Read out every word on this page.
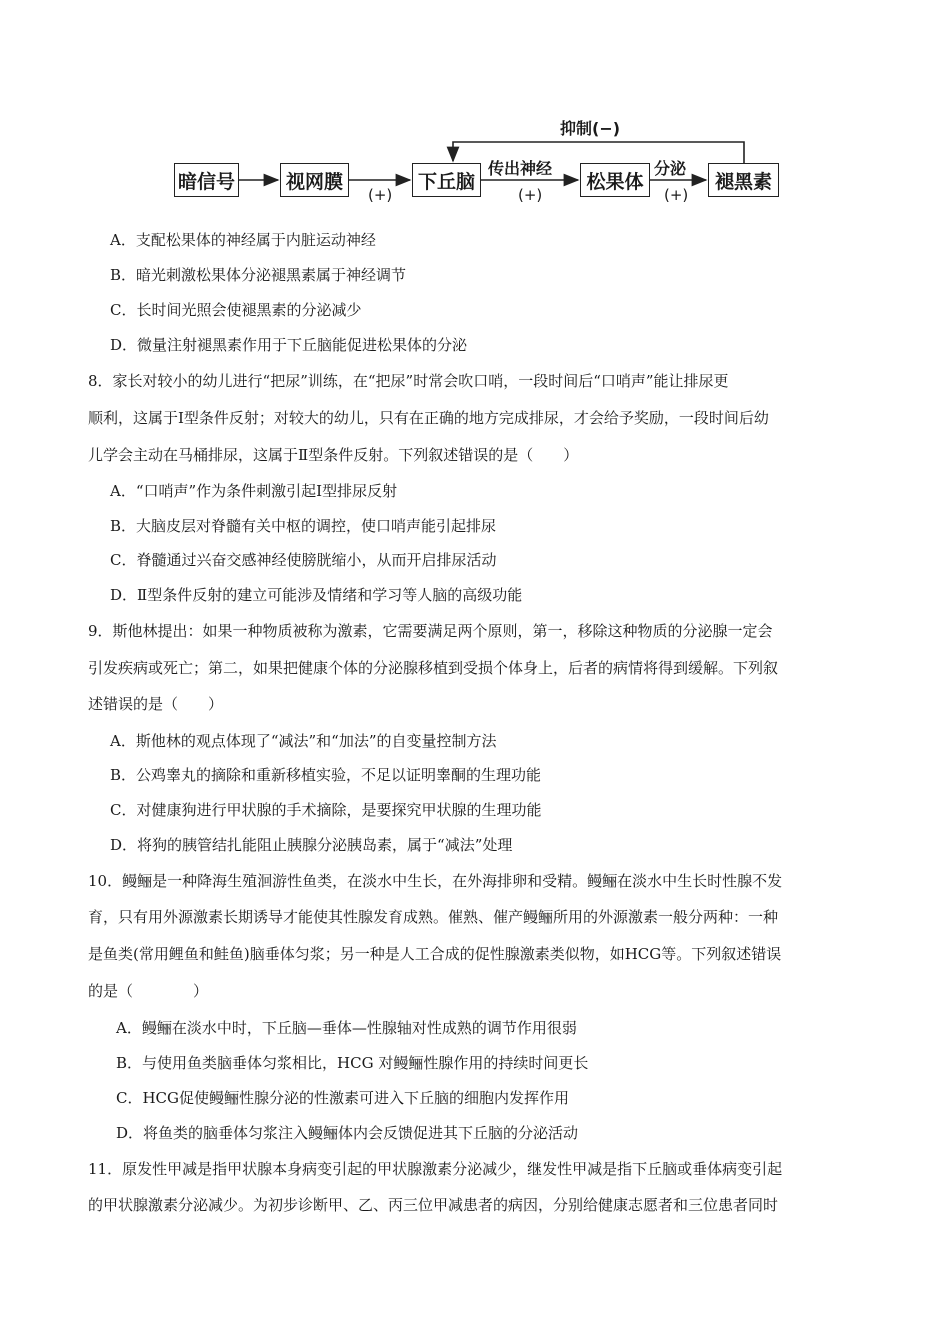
暗信号	视网膜	下丘脑	松果体	褪黑素
抑制(−)
传出神经	分泌
(+)	(+)	(+)
A．支配松果体的神经属于内脏运动神经
B．暗光刺激松果体分泌褪黑素属于神经调节
C．长时间光照会使褪黑素的分泌减少
D．微量注射褪黑素作用于下丘脑能促进松果体的分泌
8．家长对较小的幼儿进行“把尿”训练，在“把尿”时常会吹口哨，一段时间后“口哨声”能让排尿更
顺利，这属于Ⅰ型条件反射；对较大的幼儿，只有在正确的地方完成排尿，才会给予奖励，一段时间后幼
儿学会主动在马桶排尿，这属于Ⅱ型条件反射。下列叙述错误的是（　　）
A．“口哨声”作为条件刺激引起Ⅰ型排尿反射
B．大脑皮层对脊髓有关中枢的调控，使口哨声能引起排尿
C．脊髓通过兴奋交感神经使膀胱缩小，从而开启排尿活动
D．Ⅱ型条件反射的建立可能涉及情绪和学习等人脑的高级功能
9．斯他林提出：如果一种物质被称为激素，它需要满足两个原则，第一，移除这种物质的分泌腺一定会
引发疾病或死亡；第二，如果把健康个体的分泌腺移植到受损个体身上，后者的病情将得到缓解。下列叙
述错误的是（　　）
A．斯他林的观点体现了“减法”和“加法”的自变量控制方法
B．公鸡睾丸的摘除和重新移植实验，不足以证明睾酮的生理功能
C．对健康狗进行甲状腺的手术摘除，是要探究甲状腺的生理功能
D．将狗的胰管结扎能阻止胰腺分泌胰岛素，属于“减法”处理
10．鳗鲡是一种降海生殖洄游性鱼类，在淡水中生长，在外海排卵和受精。鳗鲡在淡水中生长时性腺不发
育，只有用外源激素长期诱导才能使其性腺发育成熟。催熟、催产鳗鲡所用的外源激素一般分两种：一种
是鱼类(常用鲤鱼和鲑鱼)脑垂体匀浆；另一种是人工合成的促性腺激素类似物，如HCG等。下列叙述错误
的是（　　　　）
A．鳗鲡在淡水中时，下丘脑—垂体—性腺轴对性成熟的调节作用很弱
B．与使用鱼类脑垂体匀浆相比，HCG 对鳗鲡性腺作用的持续时间更长
C．HCG促使鳗鲡性腺分泌的性激素可进入下丘脑的细胞内发挥作用
D．将鱼类的脑垂体匀浆注入鳗鲡体内会反馈促进其下丘脑的分泌活动
11．原发性甲减是指甲状腺本身病变引起的甲状腺激素分泌减少，继发性甲减是指下丘脑或垂体病变引起
的甲状腺激素分泌减少。为初步诊断甲、乙、丙三位甲减患者的病因，分别给健康志愿者和三位患者同时
